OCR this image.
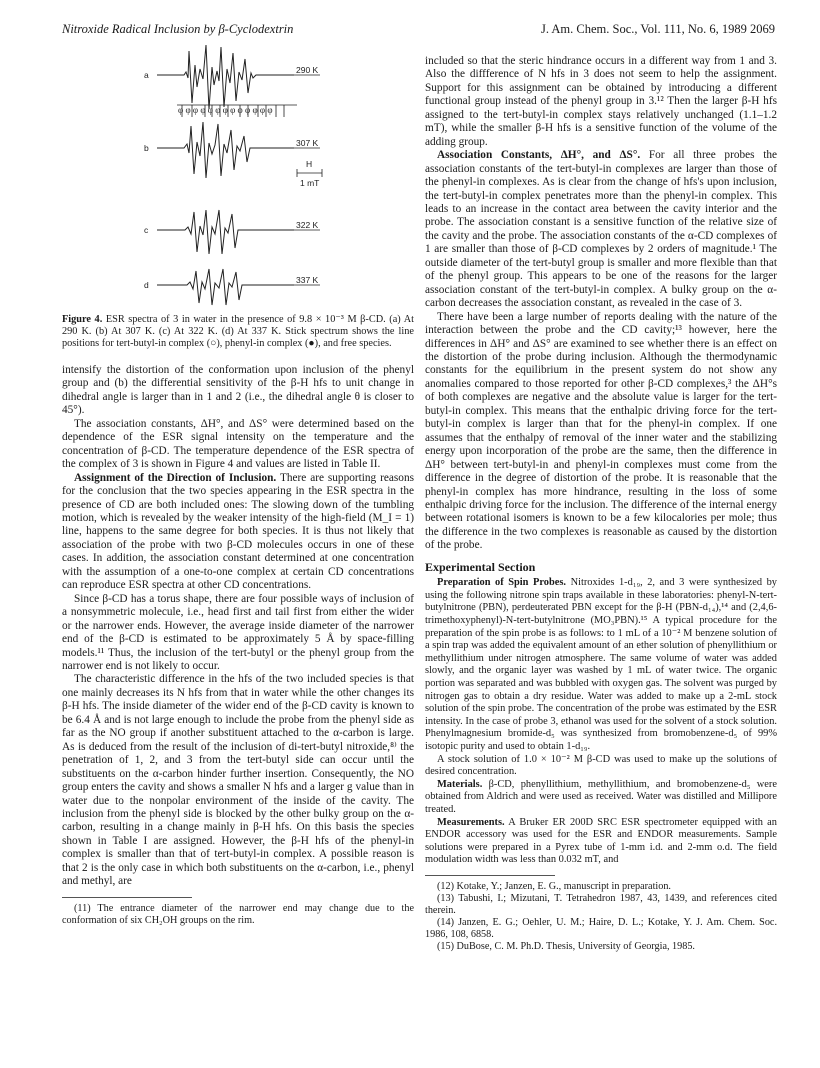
Nitroxide Radical Inclusion by β-Cyclodextrin	J. Am. Chem. Soc., Vol. 111, No. 6, 1989 2069
a	290 K
φ φ φ φ φ φ φ φ φ φ φ φ φ
b	307 K
H
1 mT
c	322 K
d	337 K
Figure 4. ESR spectra of 3 in water in the presence of 9.8 × 10⁻³ M β-CD. (a) At 290 K. (b) At 307 K. (c) At 322 K. (d) At 337 K. Stick spectrum shows the line positions for tert-butyl-in complex (○), phenyl-in complex (●), and free species.

intensify the distortion of the conformation upon inclusion of the phenyl group and (b) the differential sensitivity of the β-H hfs to unit change in dihedral angle is larger than in 1 and 2 (i.e., the dihedral angle θ is closer to 45°).

The association constants, ΔH°, and ΔS° were determined based on the dependence of the ESR signal intensity on the temperature and the concentration of β-CD. The temperature dependence of the ESR spectra of the complex of 3 is shown in Figure 4 and values are listed in Table II.

Assignment of the Direction of Inclusion. There are supporting reasons for the conclusion that the two species appearing in the ESR spectra in the presence of CD are both included ones: The slowing down of the tumbling motion, which is revealed by the weaker intensity of the high-field (M_I = 1) line, happens to the same degree for both species. It is thus not likely that association of the probe with two β-CD molecules occurs in one of these cases. In addition, the association constant determined at one concentration with the assumption of a one-to-one complex at certain CD concentrations can reproduce ESR spectra at other CD concentrations.

Since β-CD has a torus shape, there are four possible ways of inclusion of a nonsymmetric molecule, i.e., head first and tail first from either the wider or the narrower ends. However, the average inside diameter of the narrower end of the β-CD is estimated to be approximately 5 Å by space-filling models.¹¹ Thus, the inclusion of the tert-butyl or the phenyl group from the narrower end is not likely to occur.

The characteristic difference in the hfs of the two included species is that one mainly decreases its N hfs from that in water while the other changes its β-H hfs. The inside diameter of the wider end of the β-CD cavity is known to be 6.4 Å and is not large enough to include the probe from the phenyl side as far as the NO group if another substituent attached to the α-carbon is large. As is deduced from the result of the inclusion of di-tert-butyl nitroxide,⁸⁾ the penetration of 1, 2, and 3 from the tert-butyl side can occur until the substituents on the α-carbon hinder further insertion. Consequently, the NO group enters the cavity and shows a smaller N hfs and a larger g value than in water due to the nonpolar environment of the inside of the cavity. The inclusion from the phenyl side is blocked by the other bulky group on the α-carbon, resulting in a change mainly in β-H hfs. On this basis the species shown in Table I are assigned. However, the β-H hfs of the phenyl-in complex is smaller than that of tert-butyl-in complex. A possible reason is that 2 is the only case in which both substituents on the α-carbon, i.e., phenyl and methyl, are

(11) The entrance diameter of the narrower end may change due to the conformation of six CH₂OH groups on the rim.

included so that the steric hindrance occurs in a different way from 1 and 3. Also the diffference of N hfs in 3 does not seem to help the assignment. Support for this assignment can be obtained by introducing a different functional group instead of the phenyl group in 3.¹² Then the larger β-H hfs assigned to the tert-butyl-in complex stays relatively unchanged (1.1–1.2 mT), while the smaller β-H hfs is a sensitive function of the volume of the adding group.

Association Constants, ΔH°, and ΔS°. For all three probes the association constants of the tert-butyl-in complexes are larger than those of the phenyl-in complexes. As is clear from the change of hfs's upon inclusion, the tert-butyl-in complex penetrates more than the phenyl-in complex. This leads to an increase in the contact area between the cavity interior and the probe. The association constant is a sensitive function of the relative size of the cavity and the probe. The association constants of the α-CD complexes of 1 are smaller than those of β-CD complexes by 2 orders of magnitude.¹ The outside diameter of the tert-butyl group is smaller and more flexible than that of the phenyl group. This appears to be one of the reasons for the larger association constant of the tert-butyl-in complex. A bulky group on the α-carbon decreases the association constant, as revealed in the case of 3.

There have been a large number of reports dealing with the nature of the interaction between the probe and the CD cavity;¹³ however, here the differences in ΔH° and ΔS° are examined to see whether there is an effect on the distortion of the probe during inclusion. Although the thermodynamic constants for the equilibrium in the present system do not show any anomalies compared to those reported for other β-CD complexes,³ the ΔH°s of both complexes are negative and the absolute value is larger for the tert-butyl-in complex. This means that the enthalpic driving force for the tert-butyl-in complex is larger than that for the phenyl-in complex. If one assumes that the enthalpy of removal of the inner water and the stabilizing energy upon incorporation of the probe are the same, then the difference in ΔH° between tert-butyl-in and phenyl-in complexes must come from the difference in the degree of distortion of the probe. It is reasonable that the phenyl-in complex has more hindrance, resulting in the loss of some enthalpic driving force for the inclusion. The difference of the internal energy between rotational isomers is known to be a few kilocalories per mole; thus the difference in the two complexes is reasonable as caused by the distortion of the probe.

Experimental Section

Preparation of Spin Probes. Nitroxides 1-d₁₉, 2, and 3 were synthesized by using the following nitrone spin traps available in these laboratories: phenyl-N-tert-butylnitrone (PBN), perdeuterated PBN except for the β-H (PBN-d₁₄),¹⁴ and (2,4,6-trimethoxyphenyl)-N-tert-butylnitrone (MO₃PBN).¹⁵ A typical procedure for the preparation of the spin probe is as follows: to 1 mL of a 10⁻² M benzene solution of a spin trap was added the equivalent amount of an ether solution of phenyllithium or methyllithium under nitrogen atmosphere. The same volume of water was added slowly, and the organic layer was washed by 1 mL of water twice. The organic portion was separated and was bubbled with oxygen gas. The solvent was purged by nitrogen gas to obtain a dry residue. Water was added to make up a 2-mL stock solution of the spin probe. The concentration of the probe was estimated by the ESR intensity. In the case of probe 3, ethanol was used for the solvent of a stock solution. Phenylmagnesium bromide-d₅ was synthesized from bromobenzene-d₅ of 99% isotopic purity and used to obtain 1-d₁₉.

A stock solution of 1.0 × 10⁻² M β-CD was used to make up the solutions of desired concentration.

Materials. β-CD, phenyllithium, methyllithium, and bromobenzene-d₅ were obtained from Aldrich and were used as received. Water was distilled and Millipore treated.

Measurements. A Bruker ER 200D SRC ESR spectrometer equipped with an ENDOR accessory was used for the ESR and ENDOR measurements. Sample solutions were prepared in a Pyrex tube of 1-mm i.d. and 2-mm o.d. The field modulation width was less than 0.032 mT, and

(12) Kotake, Y.; Janzen, E. G., manuscript in preparation.

(13) Tabushi, I.; Mizutani, T. Tetrahedron 1987, 43, 1439, and references cited therein.

(14) Janzen, E. G.; Oehler, U. M.; Haire, D. L.; Kotake, Y. J. Am. Chem. Soc. 1986, 108, 6858.

(15) DuBose, C. M. Ph.D. Thesis, University of Georgia, 1985.
